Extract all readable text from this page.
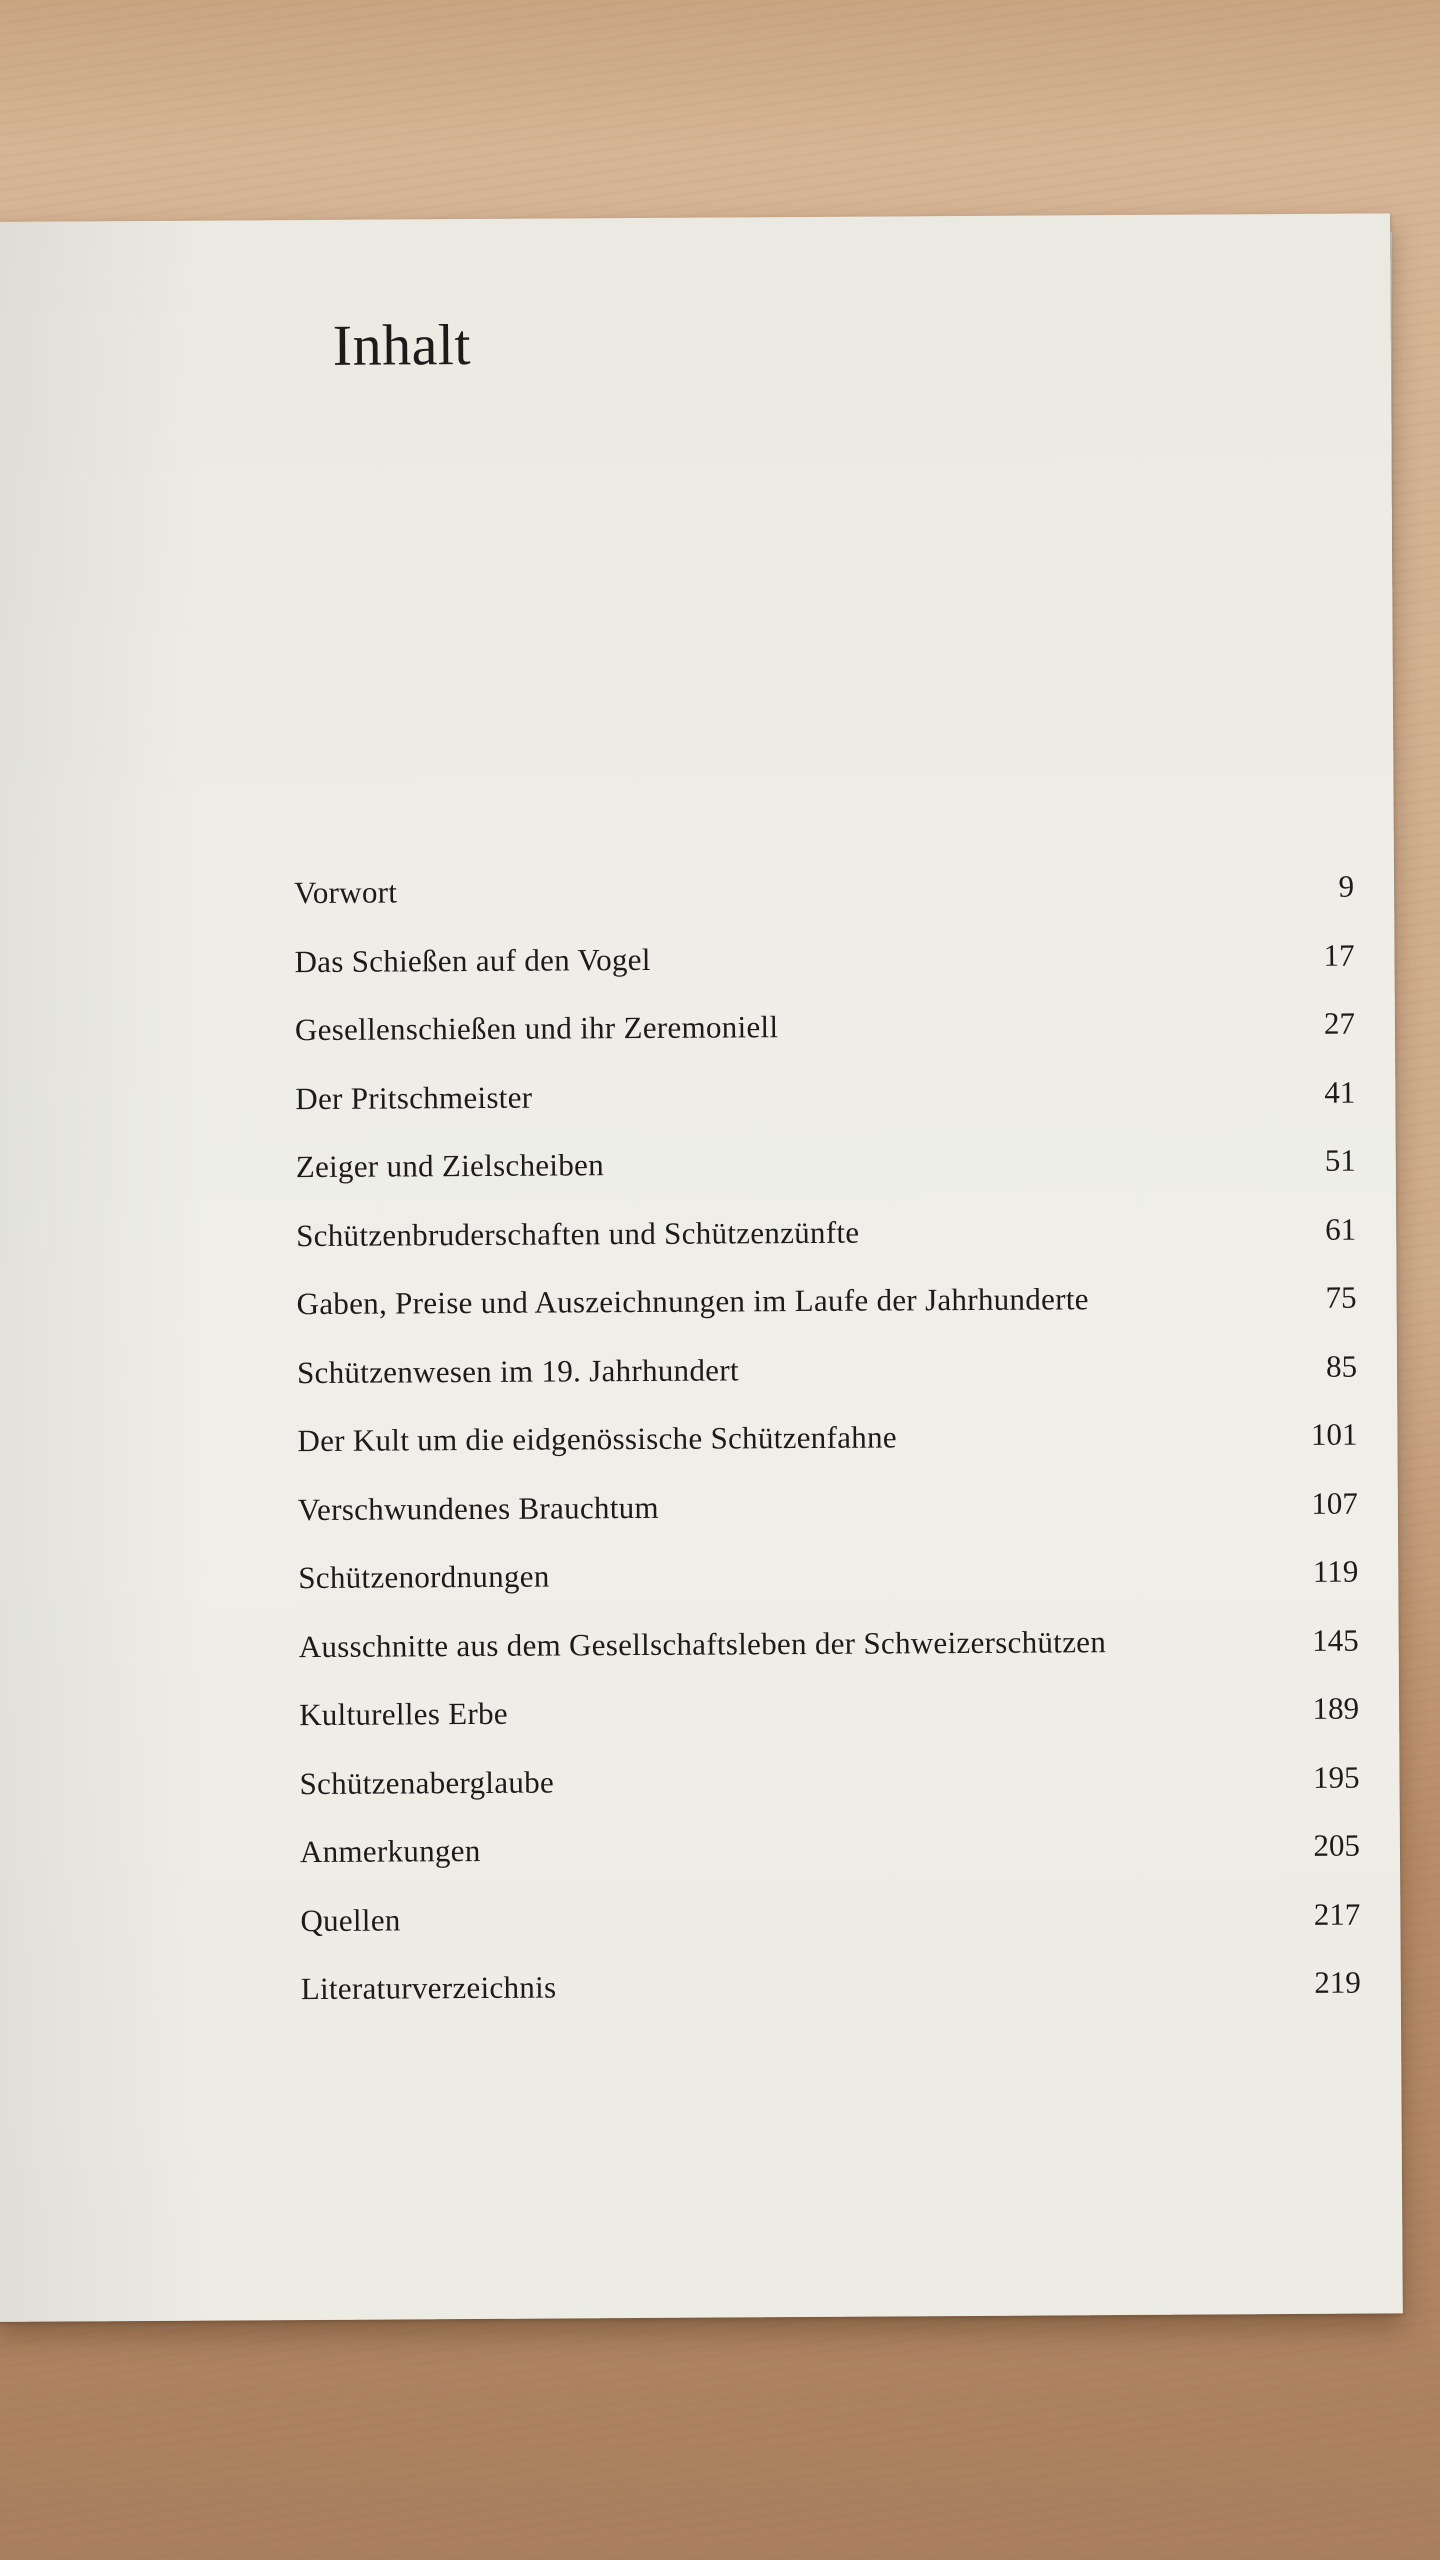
Inhalt
Vorwort	9
Das Schießen auf den Vogel	17
Gesellenschießen und ihr Zeremoniell	27
Der Pritschmeister	41
Zeiger und Zielscheiben	51
Schützenbruderschaften und Schützenzünfte	61
Gaben, Preise und Auszeichnungen im Laufe der Jahrhunderte	75
Schützenwesen im 19. Jahrhundert	85
Der Kult um die eidgenössische Schützenfahne	101
Verschwundenes Brauchtum	107
Schützenordnungen	119
Ausschnitte aus dem Gesellschaftsleben der Schweizerschützen	145
Kulturelles Erbe	189
Schützenaberglaube	195
Anmerkungen	205
Quellen	217
Literaturverzeichnis	219
